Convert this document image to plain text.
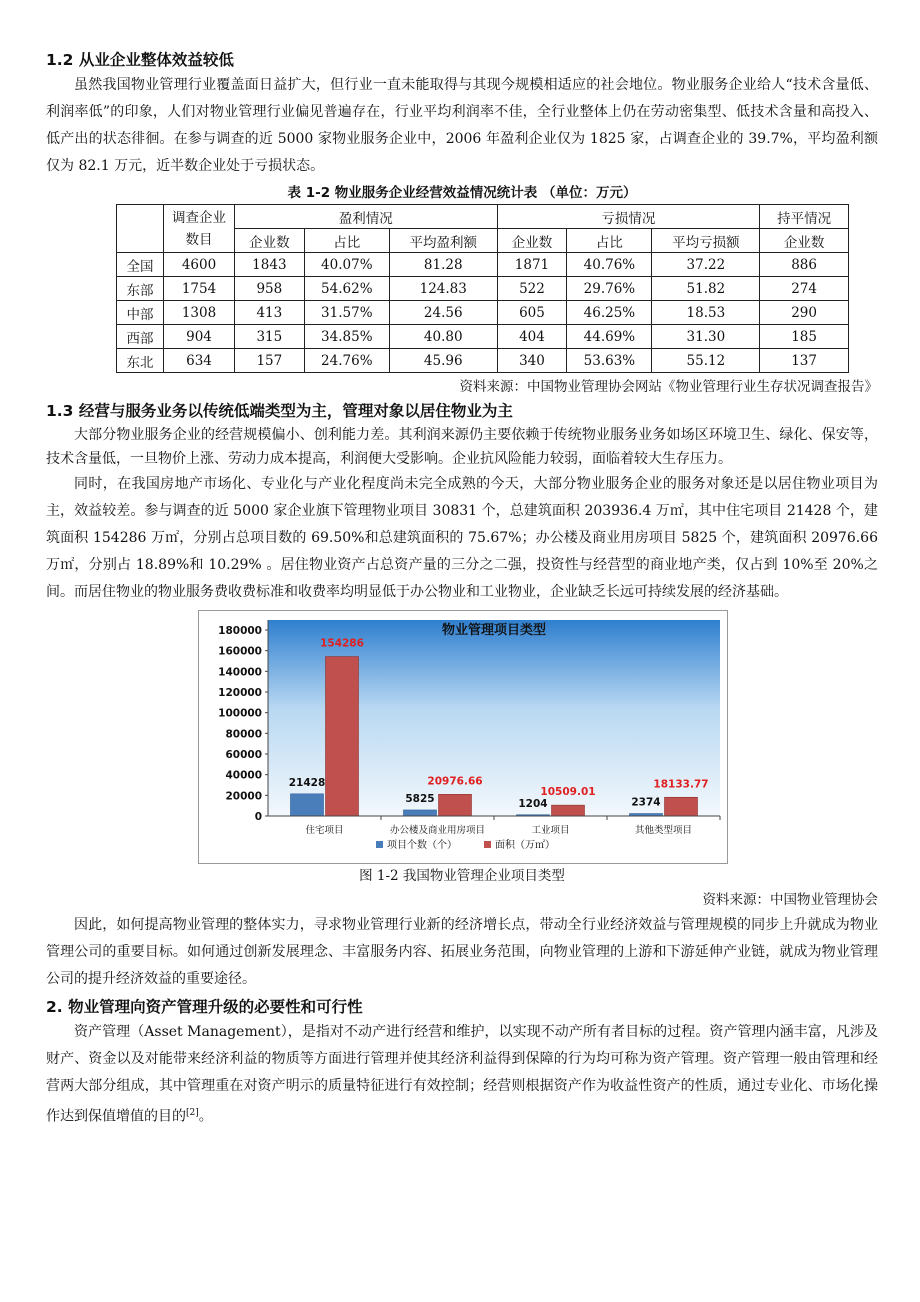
1.2 从业企业整体效益较低

虽然我国物业管理行业覆盖面日益扩大，但行业一直未能取得与其现今规模相适应的社会地位。物业服务企业给人“技术含量低、利润率低”的印象，人们对物业管理行业偏见普遍存在，行业平均利润率不佳，全行业整体上仍在劳动密集型、低技术含量和高投入、低产出的状态徘徊。在参与调查的近 5000 家物业服务企业中，2006 年盈利企业仅为 1825 家，占调查企业的 39.7%，平均盈利额仅为 82.1 万元，近半数企业处于亏损状态。

表 1-2 物业服务企业经营效益情况统计表 （单位：万元）

	调查企业数目	盈利情况			亏损情况			持平情况
		企业数	占比	平均盈利额	企业数	占比	平均亏损额	企业数
全国	4600	1843	40.07%	81.28	1871	40.76%	37.22	886
东部	1754	958	54.62%	124.83	522	29.76%	51.82	274
中部	1308	413	31.57%	24.56	605	46.25%	18.53	290
西部	904	315	34.85%	40.80	404	44.69%	31.30	185
东北	634	157	24.76%	45.96	340	53.63%	55.12	137

资料来源：中国物业管理协会网站《物业管理行业生存状况调查报告》

1.3 经营与服务业务以传统低端类型为主，管理对象以居住物业为主

大部分物业服务企业的经营规模偏小、创利能力差。其利润来源仍主要依赖于传统物业服务业务如场区环境卫生、绿化、保安等，技术含量低，一旦物价上涨、劳动力成本提高，利润便大受影响。企业抗风险能力较弱，面临着较大生存压力。

同时，在我国房地产市场化、专业化与产业化程度尚未完全成熟的今天，大部分物业服务企业的服务对象还是以居住物业项目为主，效益较差。参与调查的近 5000 家企业旗下管理物业项目 30831 个，总建筑面积 203936.4 万㎡，其中住宅项目 21428 个，建筑面积 154286 万㎡，分别占总项目数的 69.50%和总建筑面积的 75.67%；办公楼及商业用房项目 5825 个，建筑面积 20976.66 万㎡，分别占 18.89%和 10.29% 。居住物业资产占总资产量的三分之二强，投资性与经营型的商业地产类，仅占到 10%至 20%之间。而居住物业的物业服务费收费标准和收费率均明显低于办公物业和工业物业，企业缺乏长远可持续发展的经济基础。

物业管理项目类型
0
20000
40000
60000
80000
100000
120000
140000
160000
180000
21428
154286
5825
20976.66
1204
10509.01
2374
18133.77
住宅项目	办公楼及商业用房项目	工业项目	其他类型项目
项目个数（个）	面积（万㎡）

图 1-2 我国物业管理企业项目类型

资料来源：中国物业管理协会

因此，如何提高物业管理的整体实力，寻求物业管理行业新的经济增长点，带动全行业经济效益与管理规模的同步上升就成为物业管理公司的重要目标。如何通过创新发展理念、丰富服务内容、拓展业务范围，向物业管理的上游和下游延伸产业链，就成为物业管理公司的提升经济效益的重要途径。

2. 物业管理向资产管理升级的必要性和可行性

资产管理（Asset Management），是指对不动产进行经营和维护，以实现不动产所有者目标的过程。资产管理内涵丰富，凡涉及财产、资金以及对能带来经济利益的物质等方面进行管理并使其经济利益得到保障的行为均可称为资产管理。资产管理一般由管理和经营两大部分组成，其中管理重在对资产明示的质量特征进行有效控制；经营则根据资产作为收益性资产的性质，通过专业化、市场化操作达到保值增值的目的[2]。
